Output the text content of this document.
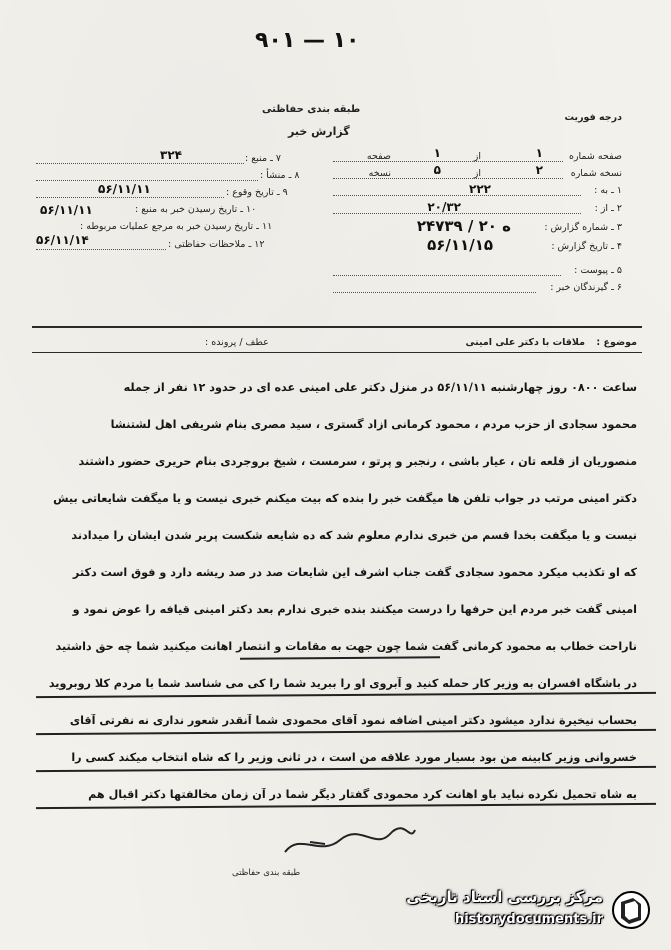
۹۰۱ — ۱۰
طبقه بندی حفاظتی
گزارش خبر
درجه فوریت
۷ ـ منبع :
۳۲۴
۸ ـ منشأ :
۹ ـ تاریخ وقوع :
۵۶/۱۱/۱۱
۱۰ ـ تاریخ رسیدن خبر به منبع :
۵۶/۱۱/۱۱
۱۱ ـ تاریخ رسیدن خبر به مرجع عملیات مربوطه :
۵۶/۱۱/۱۴	۱۲ ـ ملاحظات حفاظتی :
صفحه شماره
۱
از
۱
صفحه
نسخه شماره
۲
از
۵
نسخه
۱ ـ به :
۲۲۲
۲ ـ از :
۲۰/۳۲
۳ ـ شماره گزارش :
۲۴۷۳۹ / ۲۰ ه
۴ ـ تاریخ گزارش :
۵۶/۱۱/۱۵
۵ ـ پیوست :
۶ ـ گیرندگان خبر :
موضوع :
ملاقات با دکتر علی امینی
عطف / پرونده :
ساعت ۰۸۰۰ روز چهارشنبه ۵۶/۱۱/۱۱ در منزل دکتر علی امینی عده ای در حدود ۱۲ نفر از جمله
محمود سجادی از حزب مردم ، محمود کرمانی ازاد گستری ، سید مصری بنام شریفی اهل لشتنشا
منصوریان از قلعه تان ، عیار باشی ، رنجبر و پرتو ، سرمست ، شیخ بروجردی بنام حریری حضور داشتند
دکتر امینی مرتب در جواب تلفن ها میگفت خبر را بنده که بیت میکنم خبری نیست و یا میگفت شایعاتی بیش
نیست و یا میگفت بخدا قسم من خبری ندارم معلوم شد که ده شایعه شکست پریر شدن ایشان را میدادند
که او تکذیب میکرد محمود سجادی گفت جناب اشرف این شایعات صد در صد ریشه دارد و فوق است دکتر
امینی گفت خبر مردم این حرفها را درست میکنند بنده خبری ندارم بعد دکتر امینی قیافه را عوض نمود و
ناراحت خطاب به محمود کرمانی گفت شما چون جهت به مقامات و انتصار اهانت میکنید شما چه حق داشتید
در باشگاه افسران به وزیر کار حمله کنید و آبروی او را ببرید شما را کی می شناسد شما با مردم کلا روبروید
بحساب نیخیرة ندارد میشود دکتر امینی اضافه نمود آقای محمودی شما آنقدر شعور نداری نه نفرتی آقای
خسروانی وزیر کابینه من بود بسیار مورد علاقه من است ، در ثانی وزیر را که شاه انتخاب میکند کسی را
به شاه تحمیل نکرده نباید باو اهانت کرد محمودی گفتار دیگر شما در آن زمان مخالفتها دکتر اقبال هم
طبقه بندی حفاظتی
مرکز بررسی اسناد تاریخی
historydocuments.ir
